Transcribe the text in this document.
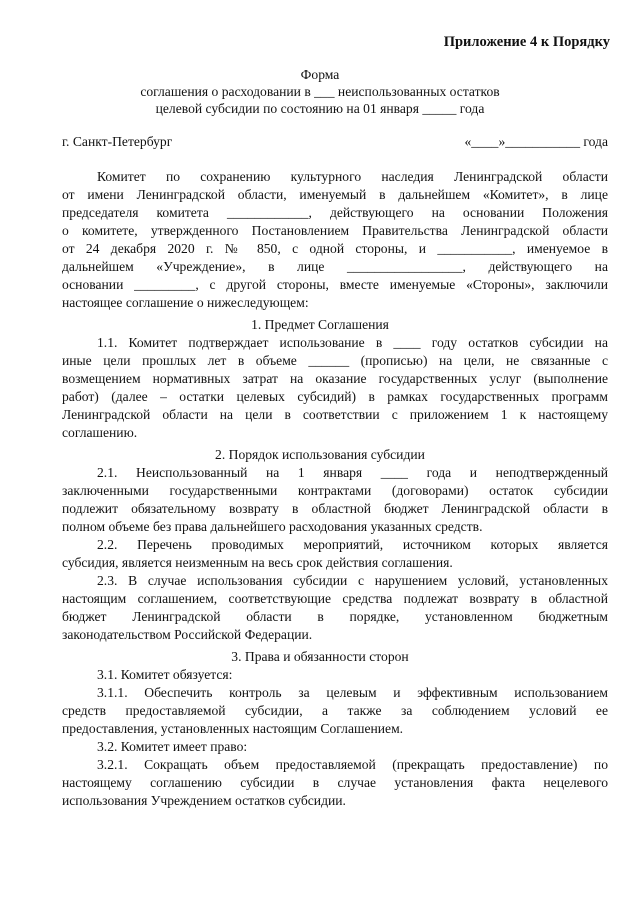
Приложение 4 к Порядку
Форма
соглашения о расходовании в ___ неиспользованных остатков
целевой субсидии по состоянию на 01 января _____ года
г. Санкт-Петербург	«____»___________ года
Комитет по сохранению культурного наследия Ленинградской области
от имени Ленинградской области, именуемый в дальнейшем «Комитет», в лице
председателя комитета ____________, действующего на основании Положения
о комитете, утвержденного Постановлением Правительства Ленинградской области
от 24 декабря 2020 г. № 850, с одной стороны, и ___________, именуемое в
дальнейшем «Учреждение», в лице _________________, действующего на
основании _________, с другой стороны, вместе именуемые «Стороны», заключили
настоящее соглашение о нижеследующем:
1. Предмет Соглашения
1.1. Комитет подтверждает использование в ____ году остатков субсидии на
иные цели прошлых лет в объеме ______ (прописью) на цели, не связанные с
возмещением нормативных затрат на оказание государственных услуг (выполнение
работ) (далее – остатки целевых субсидий) в рамках государственных программ
Ленинградской области на цели в соответствии с приложением 1 к настоящему
соглашению.
2. Порядок использования субсидии
2.1. Неиспользованный на 1 января ____ года и неподтвержденный
заключенными государственными контрактами (договорами) остаток субсидии
подлежит обязательному возврату в областной бюджет Ленинградской области в
полном объеме без права дальнейшего расходования указанных средств.
2.2. Перечень проводимых мероприятий, источником которых является
субсидия, является неизменным на весь срок действия соглашения.
2.3. В случае использования субсидии с нарушением условий, установленных
настоящим соглашением, соответствующие средства подлежат возврату в областной
бюджет Ленинградской области в порядке, установленном бюджетным
законодательством Российской Федерации.
3. Права и обязанности сторон
3.1. Комитет обязуется:
3.1.1. Обеспечить контроль за целевым и эффективным использованием
средств предоставляемой субсидии, а также за соблюдением условий ее
предоставления, установленных настоящим Соглашением.
3.2. Комитет имеет право:
3.2.1. Сокращать объем предоставляемой (прекращать предоставление) по
настоящему соглашению субсидии в случае установления факта нецелевого
использования Учреждением остатков субсидии.
